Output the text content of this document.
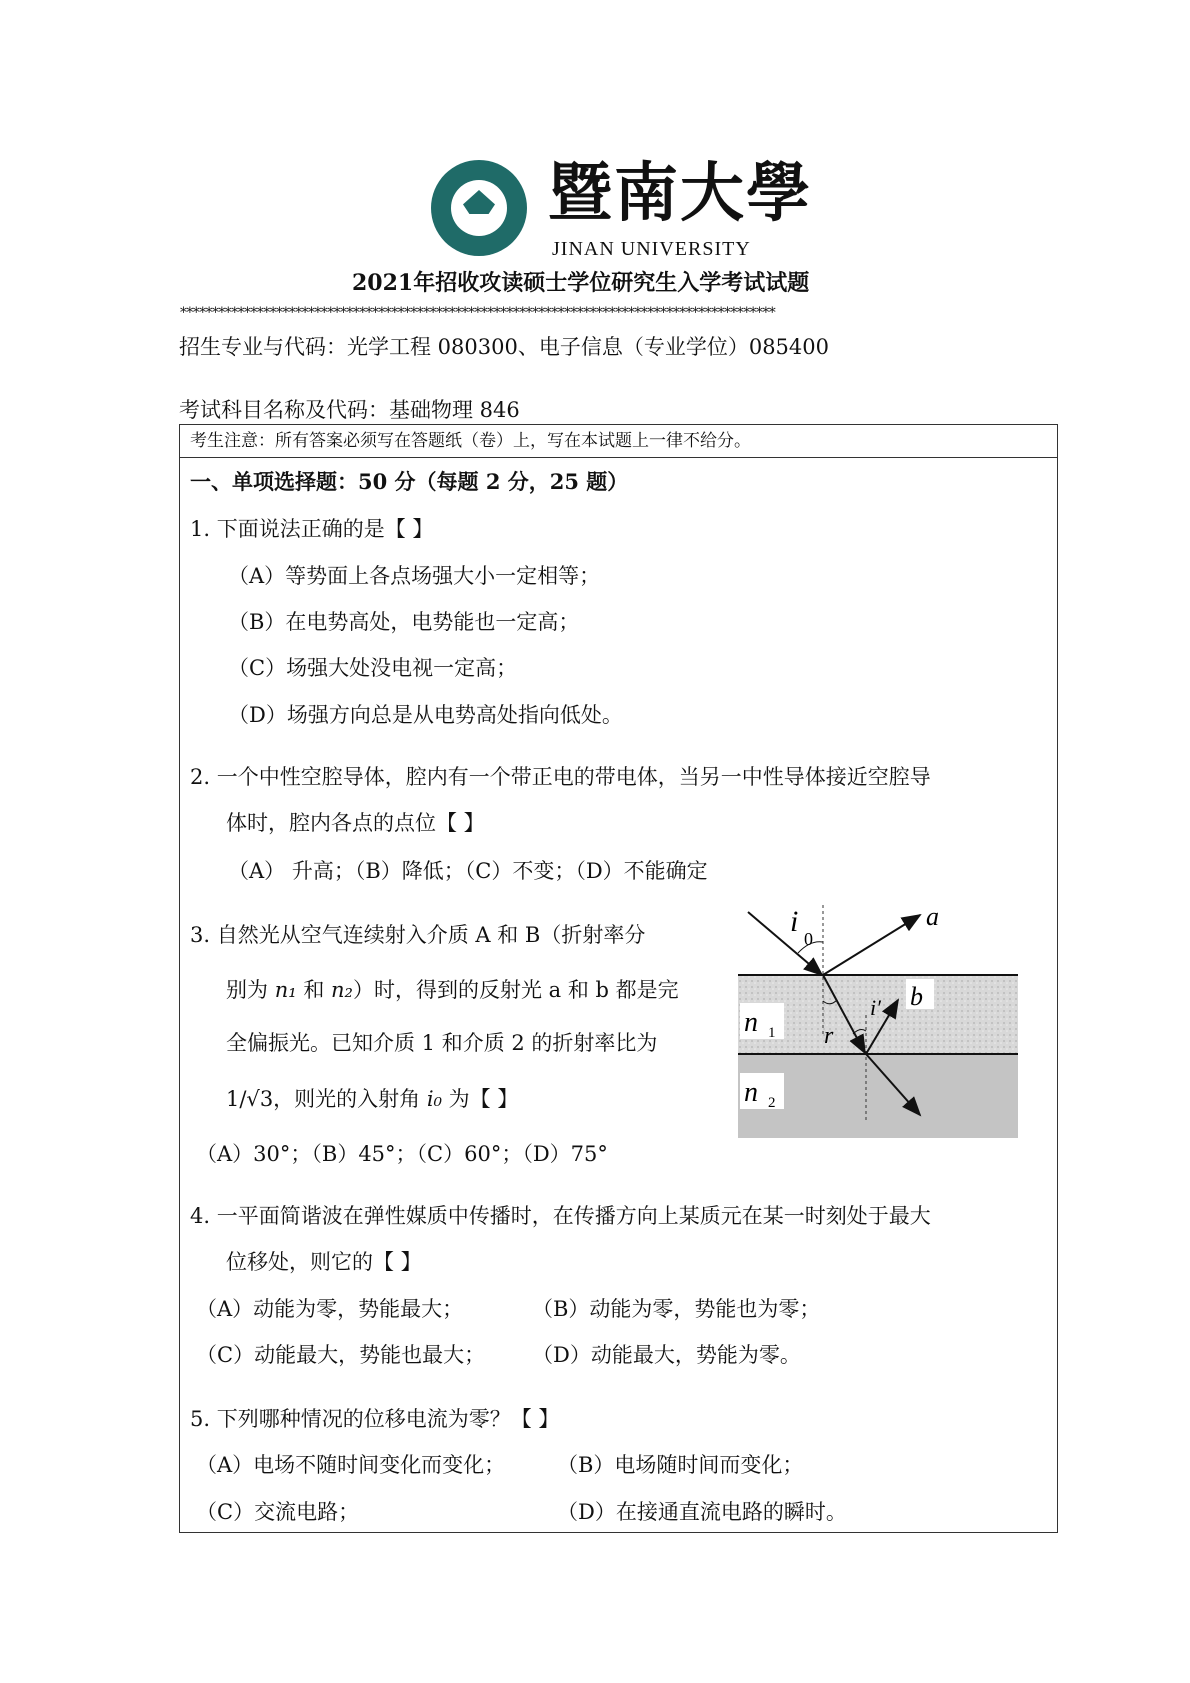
暨南大學
JINAN UNIVERSITY
2021年招收攻读硕士学位研究生入学考试试题
*********************************************************************************************
招生专业与代码：光学工程 080300、电子信息（专业学位）085400
考试科目名称及代码：基础物理 846
考生注意：所有答案必须写在答题纸（卷）上，写在本试题上一律不给分。
一、单项选择题：50 分（每题 2 分，25 题）
1. 下面说法正确的是【 】
（A）等势面上各点场强大小一定相等；
（B）在电势高处，电势能也一定高；
（C）场强大处没电视一定高；
（D）场强方向总是从电势高处指向低处。
2. 一个中性空腔导体，腔内有一个带正电的带电体，当另一中性导体接近空腔导
体时，腔内各点的点位【 】
（A） 升高；（B）降低；（C）不变；（D）不能确定
3. 自然光从空气连续射入介质 A 和 B（折射率分
别为 n₁ 和 n₂）时，得到的反射光 a 和 b 都是完
全偏振光。已知介质 1 和介质 2 的折射率比为
1/√3，则光的入射角 i₀ 为【 】
（A）30°；（B）45°；（C）60°；（D）75°
i
0
a
b
r
i′
n 1
n 2
4. 一平面简谐波在弹性媒质中传播时，在传播方向上某质元在某一时刻处于最大
位移处，则它的【 】
（A）动能为零，势能最大；	（B）动能为零，势能也为零；
（C）动能最大，势能也最大； （D）动能最大，势能为零。
5. 下列哪种情况的位移电流为零？【 】
（A）电场不随时间变化而变化； （B）电场随时间而变化；
（C）交流电路；	（D）在接通直流电路的瞬时。
